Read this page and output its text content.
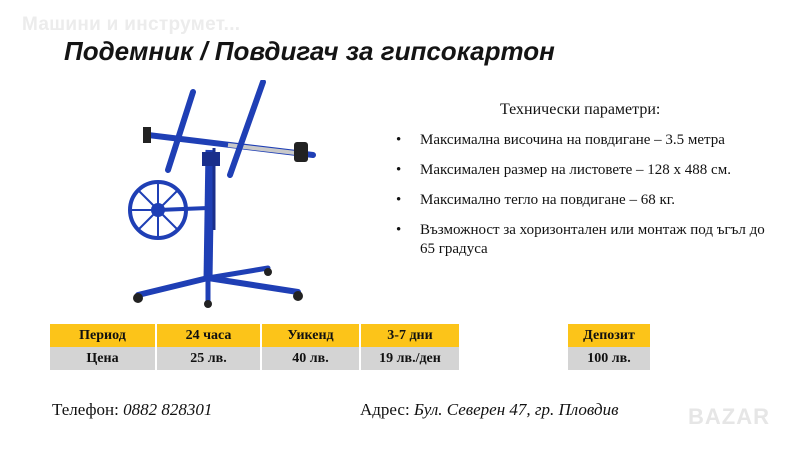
Машини и инструмет...
Подемник / Повдигач за гипсокартон
Технически параметри:
• Максимална височина на повдигане – 3.5 метра
• Максимален размер на листовете – 128 х 488 см.
• Максимално тегло на повдигане – 68 кг.
• Възможност за хоризонтален или монтаж под ъгъл до 65 градуса
Период	24 часа	Уикенд	3-7 дни
Цена	25 лв.	40 лв.	19 лв./ден
Депозит
100 лв.
Телефон: 0882 828301	Адрес: Бул. Северен 47, гр. Пловдив	BAZAR
